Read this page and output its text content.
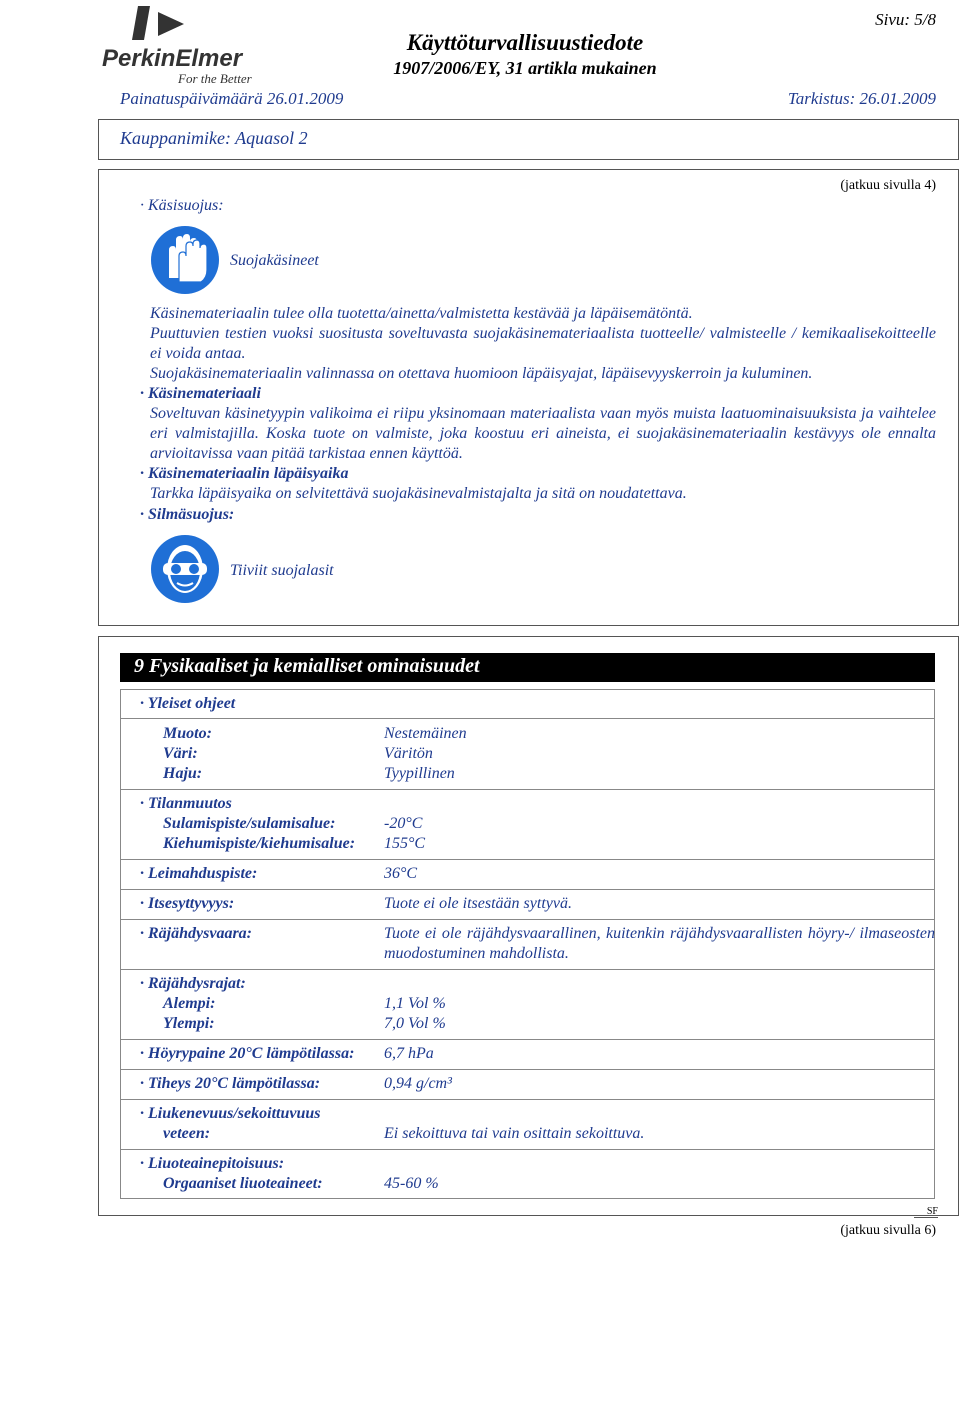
PerkinElmer
For the Better
Käyttöturvallisuustiedote
1907/2006/EY, 31 artikla mukainen
Sivu: 5/8
Painatuspäivämäärä 26.01.2009	Tarkistus: 26.01.2009
Kauppanimike: Aquasol 2
· Käsisuojus:
(jatkuu sivulla 4)
Suojakäsineet
Käsinemateriaalin tulee olla tuotetta/ainetta/valmistetta kestävää ja läpäisemätöntä.
Puuttuvien testien vuoksi suositusta soveltuvasta suojakäsinemateriaalista tuotteelle/ valmisteelle / kemikaalisekoitteelle ei voida antaa.
Suojakäsinemateriaalin valinnassa on otettava huomioon läpäisyajat, läpäisevyyskerroin ja kuluminen.
· Käsinemateriaali
Soveltuvan käsinetyypin valikoima ei riipu yksinomaan materiaalista vaan myös muista laatuominaisuuksista ja vaihtelee eri valmistajilla. Koska tuote on valmiste, joka koostuu eri aineista, ei suojakäsinemateriaalin kestävyys ole ennalta arvioitavissa vaan pitää tarkistaa ennen käyttöä.
· Käsinemateriaalin läpäisyaika
Tarkka läpäisyaika on selvitettävä suojakäsinevalmistajalta ja sitä on noudatettava.
· Silmäsuojus:
Tiiviit suojalasit
9 Fysikaaliset ja kemialliset ominaisuudet
· Yleiset ohjeet
Muoto:	Nestemäinen
Väri:	Väritön
Haju:	Tyypillinen
· Tilanmuutos
Sulamispiste/sulamisalue:	-20°C
Kiehumispiste/kiehumisalue: 155°C
· Leimahduspiste:	36°C
· Itsesyttyvyys:	Tuote ei ole itsestään syttyvä.
· Räjähdysvaara:	Tuote ei ole räjähdysvaarallinen, kuitenkin räjähdysvaarallisten höyry-/ ilmaseosten muodostuminen mahdollista.
· Räjähdysrajat:
Alempi:	1,1 Vol %
Ylempi:	7,0 Vol %
· Höyrypaine 20°C lämpötilassa: 6,7 hPa
· Tiheys 20°C lämpötilassa:	0,94 g/cm³
· Liukenevuus/sekoittuvuus
veteen:	Ei sekoittuva tai vain osittain sekoittuva.
· Liuoteainepitoisuus:
Orgaaniset liuoteaineet:	45-60 %
SF
(jatkuu sivulla 6)
